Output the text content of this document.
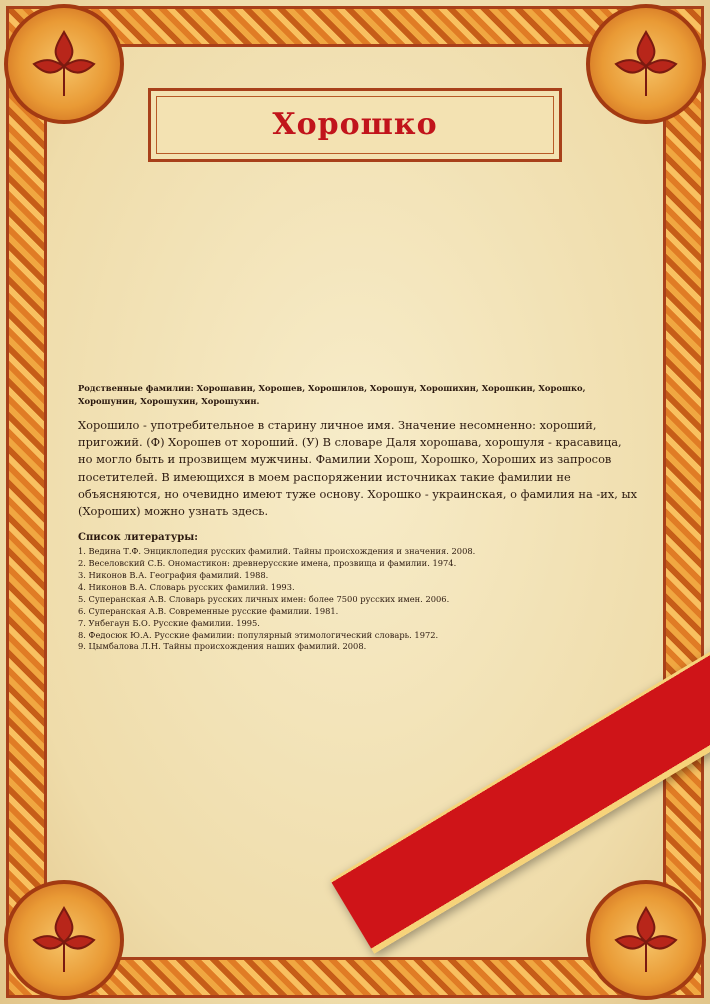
Хорошко

Родственные фамилии: Хорошавин, Хорошев, Хорошилов, Хорошун, Хорошихин, Хорошкин, Хорошко, Хорошунин, Хорошухин, Хорошухин.

Хорошило - употребительное в старину личное имя. Значение несомненно: хороший, пригожий. (Ф) Хорошев от хороший. (У) В словаре Даля хорошава, хорошуля - красавица, но могло быть и прозвищем мужчины. Фамилии Хорош, Хорошко, Хороших из запросов посетителей. В имеющихся в моем распоряжении источниках такие фамилии не объясняются, но очевидно имеют туже основу. Хорошко - украинская, о фамилия на -их, ых (Хороших) можно узнать здесь.

Список литературы:

1. Ведина Т.Ф. Энциклопедия русских фамилий. Тайны происхождения и значения. 2008.
2. Веселовский С.Б. Ономастикон: древнерусские имена, прозвища и фамилии. 1974.
3. Никонов В.А. География фамилий. 1988.
4. Никонов В.А. Словарь русских фамилий. 1993.
5. Суперанская А.В. Словарь русских личных имен: более 7500 русских имен. 2006.
6. Суперанская А.В. Современные русские фамилии. 1981.
7. Унбегаун Б.О. Русские фамилии. 1995.
8. Федосюк Ю.А. Русские фамилии: популярный этимологический словарь. 1972.
9. Цымбалова Л.Н. Тайны происхождения наших фамилий. 2008.
